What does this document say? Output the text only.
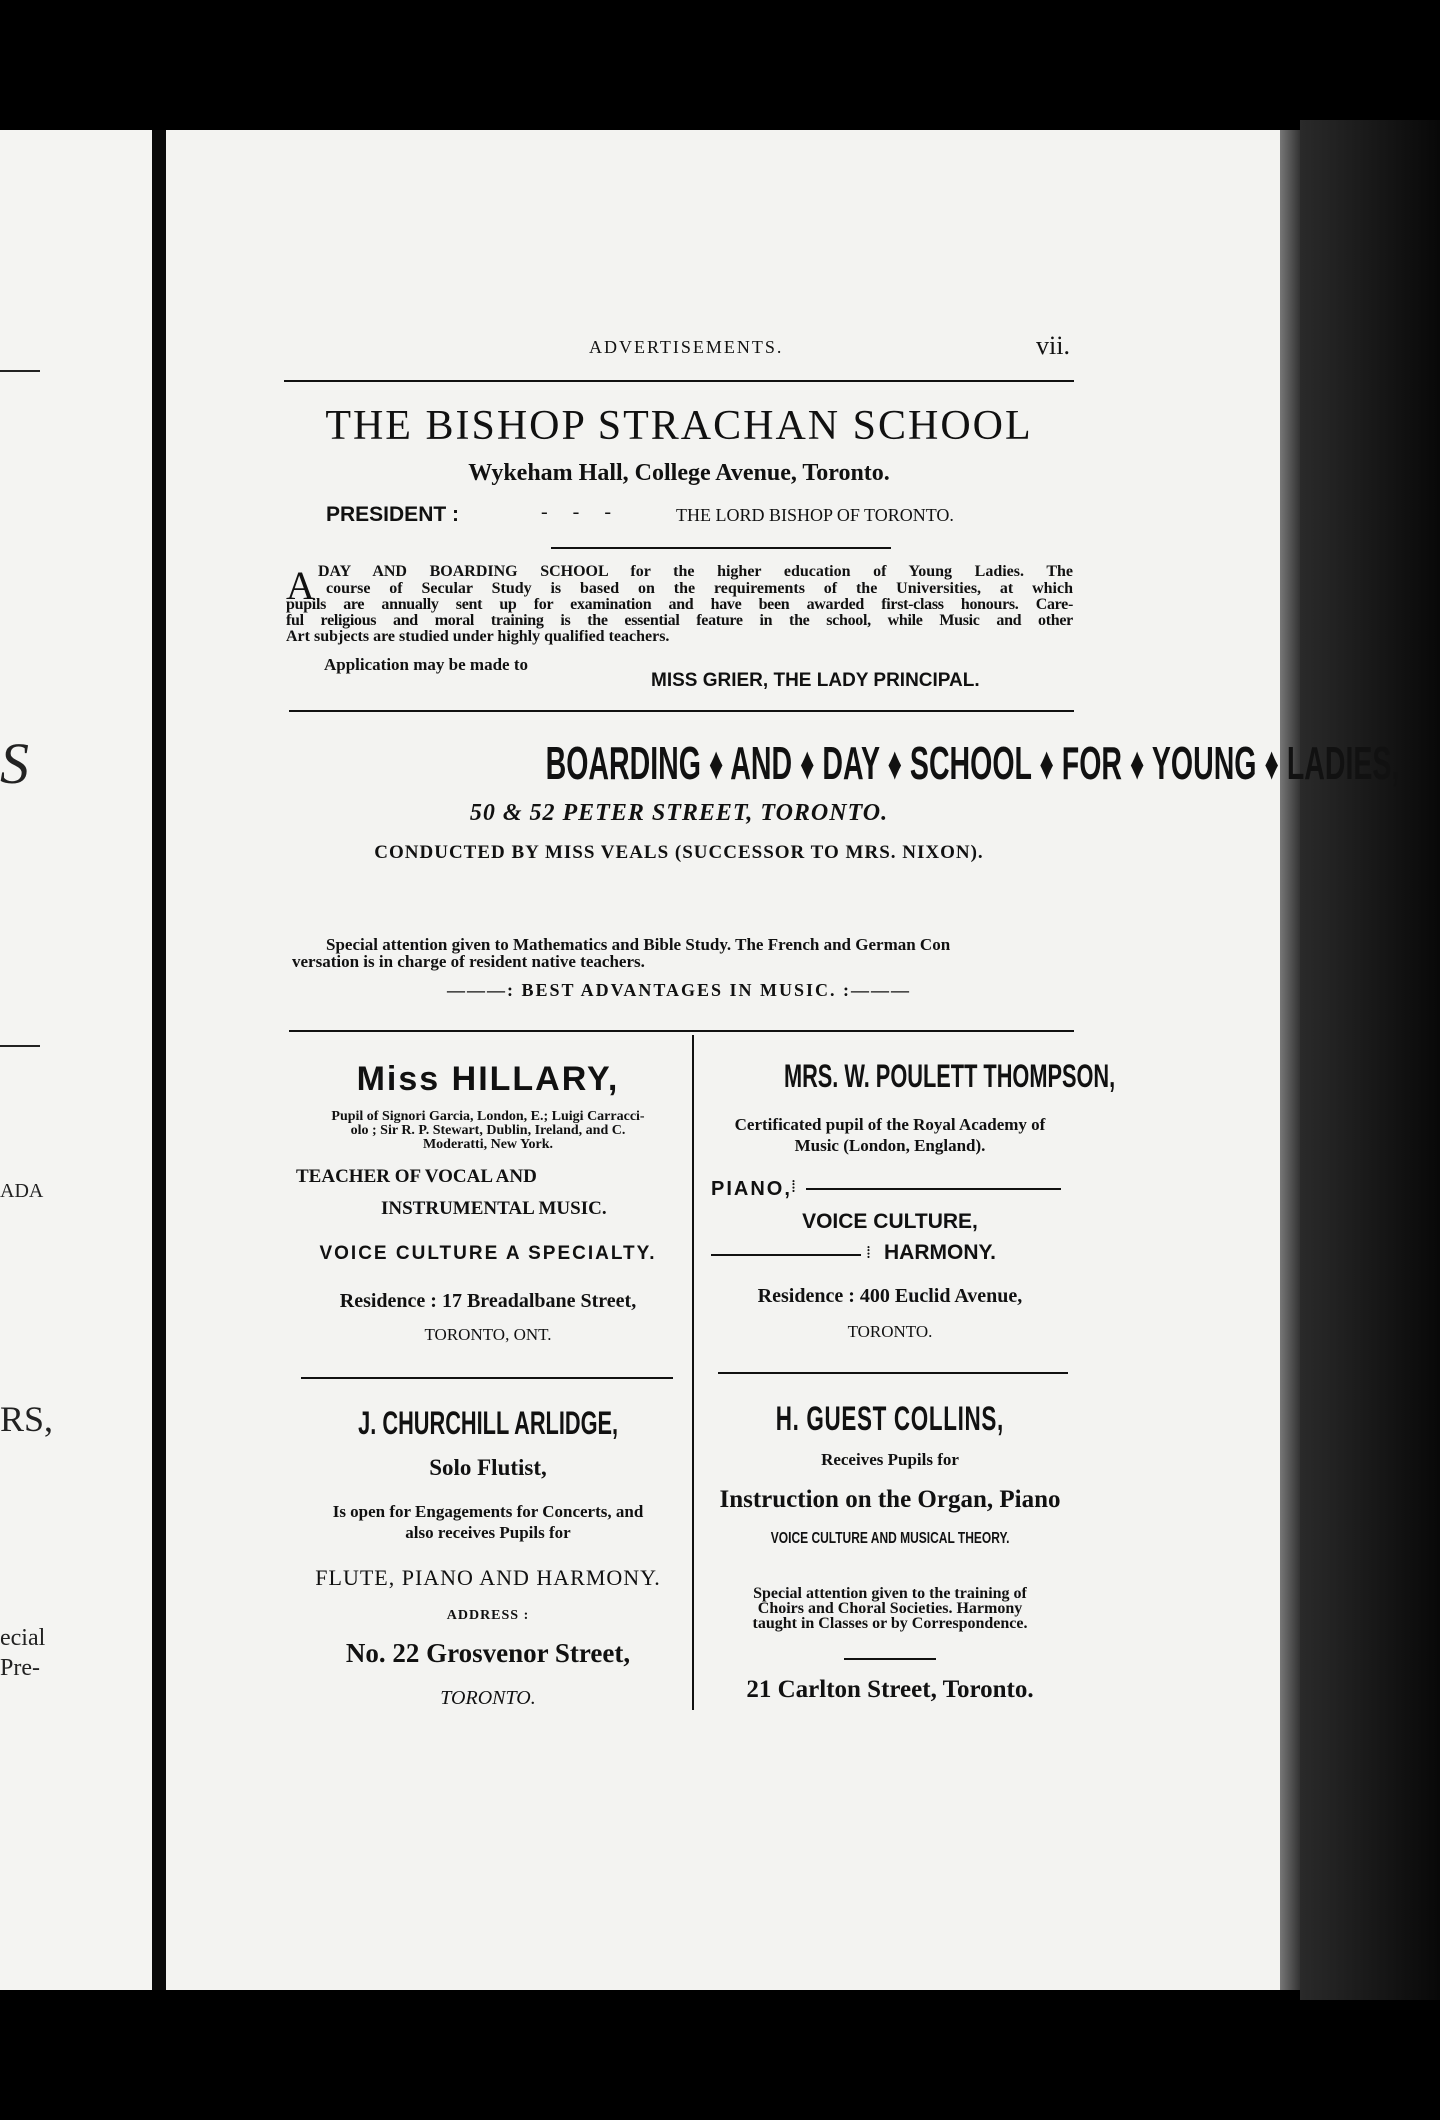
S
ADA
RS,
ecial
Pre-
ADVERTISEMENTS.	vii.
THE BISHOP STRACHAN SCHOOL
Wykeham Hall, College Avenue, Toronto.
PRESIDENT :	-     -     -	THE LORD BISHOP OF TORONTO.
A DAY AND BOARDING SCHOOL for the higher education of Young Ladies. The
course of Secular Study is based on the requirements of the Universities, at which
pupils are annually sent up for examination and have been awarded first-class honours. Care-
ful religious and moral training is the essential feature in the school, while Music and other
Art subjects are studied under highly qualified teachers.
Application may be made to
MISS GRIER, THE LADY PRINCIPAL.
BOARDING ♦ AND ♦ DAY ♦ SCHOOL ♦ FOR ♦ YOUNG ♦ LADIES,
50 & 52 PETER STREET, TORONTO.
CONDUCTED BY MISS VEALS (SUCCESSOR TO MRS. NIXON).
Special attention given to Mathematics and Bible Study. The French and German Con
versation is in charge of resident native teachers.
———: BEST ADVANTAGES IN MUSIC. :———
Miss HILLARY,
Pupil of Signori Garcia, London, E.; Luigi Carracci-
olo ; Sir R. P. Stewart, Dublin, Ireland, and C.
Moderatti, New York.
TEACHER OF VOCAL AND
INSTRUMENTAL MUSIC.
VOICE CULTURE A SPECIALTY.
Residence : 17 Breadalbane Street,
TORONTO, ONT.
MRS. W. POULETT THOMPSON,
Certificated pupil of the Royal Academy of
Music (London, England).
PIANO, ⁞
VOICE CULTURE,
⁞ HARMONY.
Residence : 400 Euclid Avenue,
TORONTO.
J. CHURCHILL ARLIDGE,
Solo Flutist,
Is open for Engagements for Concerts, and
also receives Pupils for
FLUTE, PIANO AND HARMONY.
ADDRESS :
No. 22 Grosvenor Street,
TORONTO.
H. GUEST COLLINS,
Receives Pupils for
Instruction on the Organ, Piano
VOICE CULTURE AND MUSICAL THEORY.
Special attention given to the training of
Choirs and Choral Societies. Harmony
taught in Classes or by Correspondence.
21 Carlton Street, Toronto.
